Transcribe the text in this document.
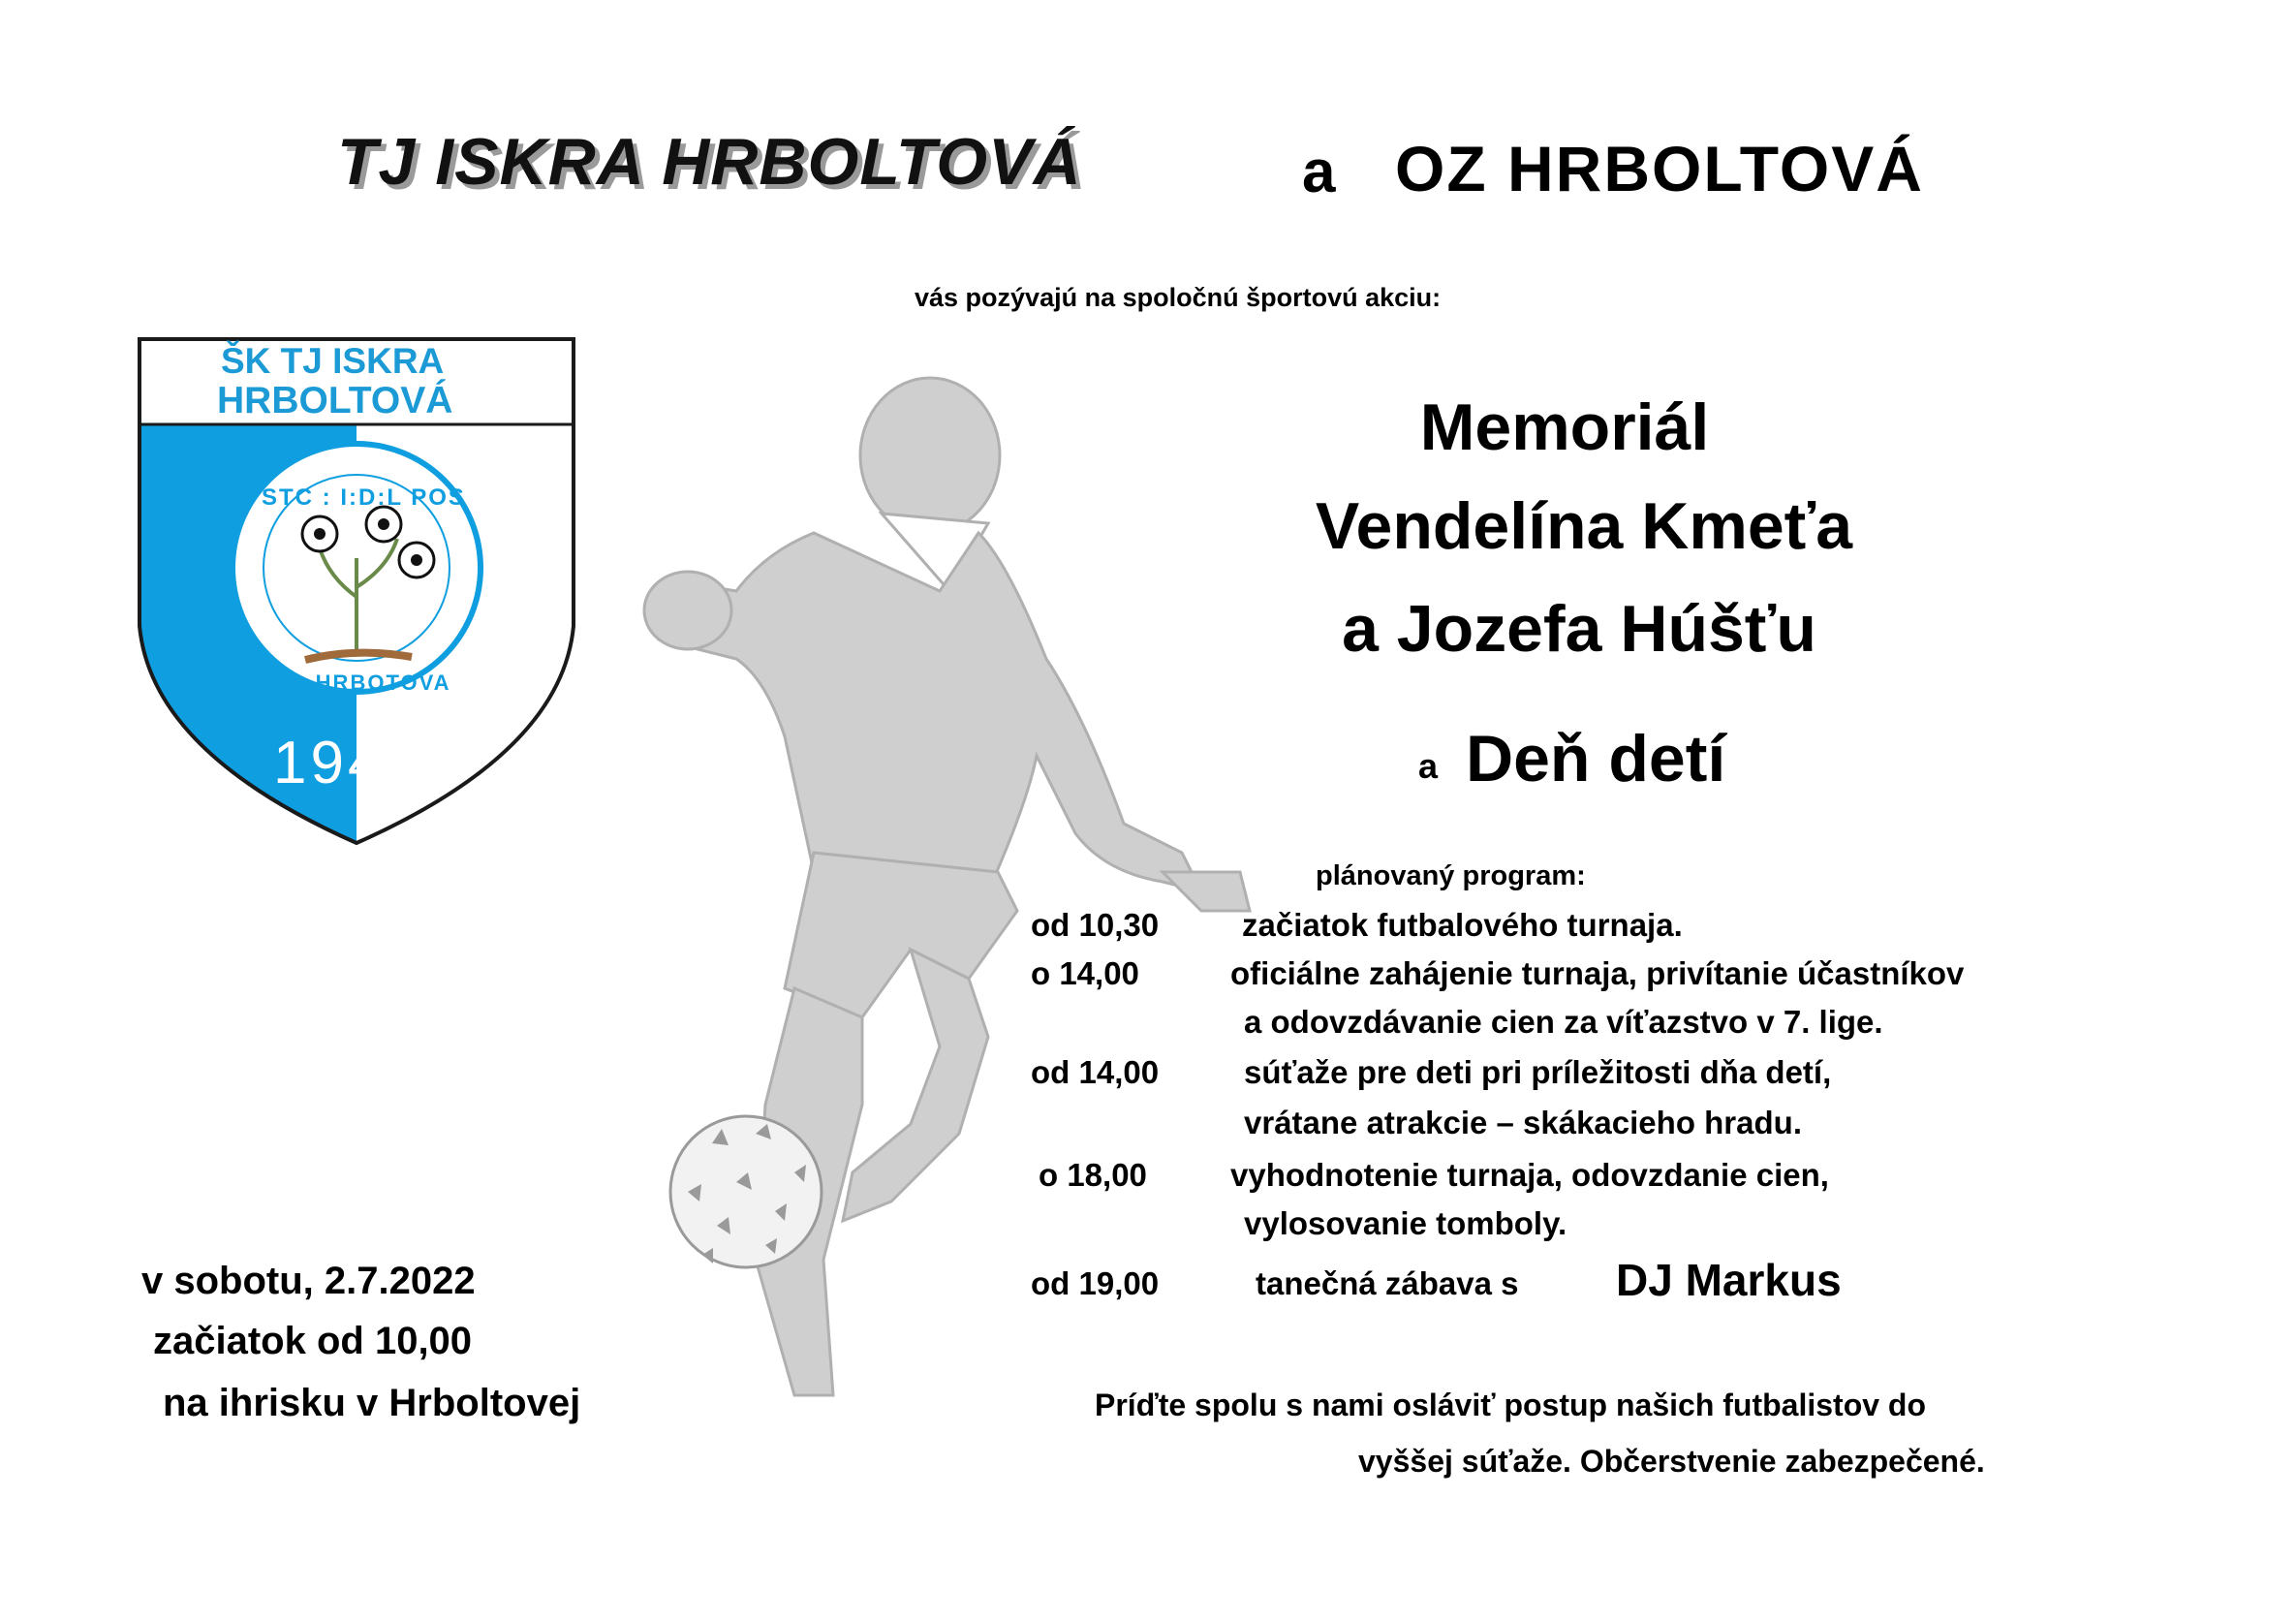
TJ ISKRA HRBOLTOVÁ	a OZ HRBOLTOVÁ
vás pozývajú na spoločnú športovú akciu:
ŠK TJ ISKRA
HRBOLTOVÁ
STC : I:D:L POS
VA : HRBOTOVA
1945
Memoriál
Vendelína Kmeťa
a Jozefa Húšťu
a Deň detí
plánovaný program:
od 10,30	začiatok futbalového turnaja.
o 14,00	oficiálne zahájenie turnaja, privítanie účastníkov
a odovzdávanie cien za víťazstvo v 7. lige.
od 14,00	súťaže pre deti pri príležitosti dňa detí,
vrátane atrakcie – skákacieho hradu.
o 18,00	vyhodnotenie turnaja, odovzdanie cien,
vylosovanie tomboly.
od 19,00	tanečná zábava s DJ Markus
v sobotu, 2.7.2022
začiatok od 10,00
na ihrisku v Hrboltovej	Príďte spolu s nami osláviť postup našich futbalistov do
vyššej súťaže. Občerstvenie zabezpečené.
